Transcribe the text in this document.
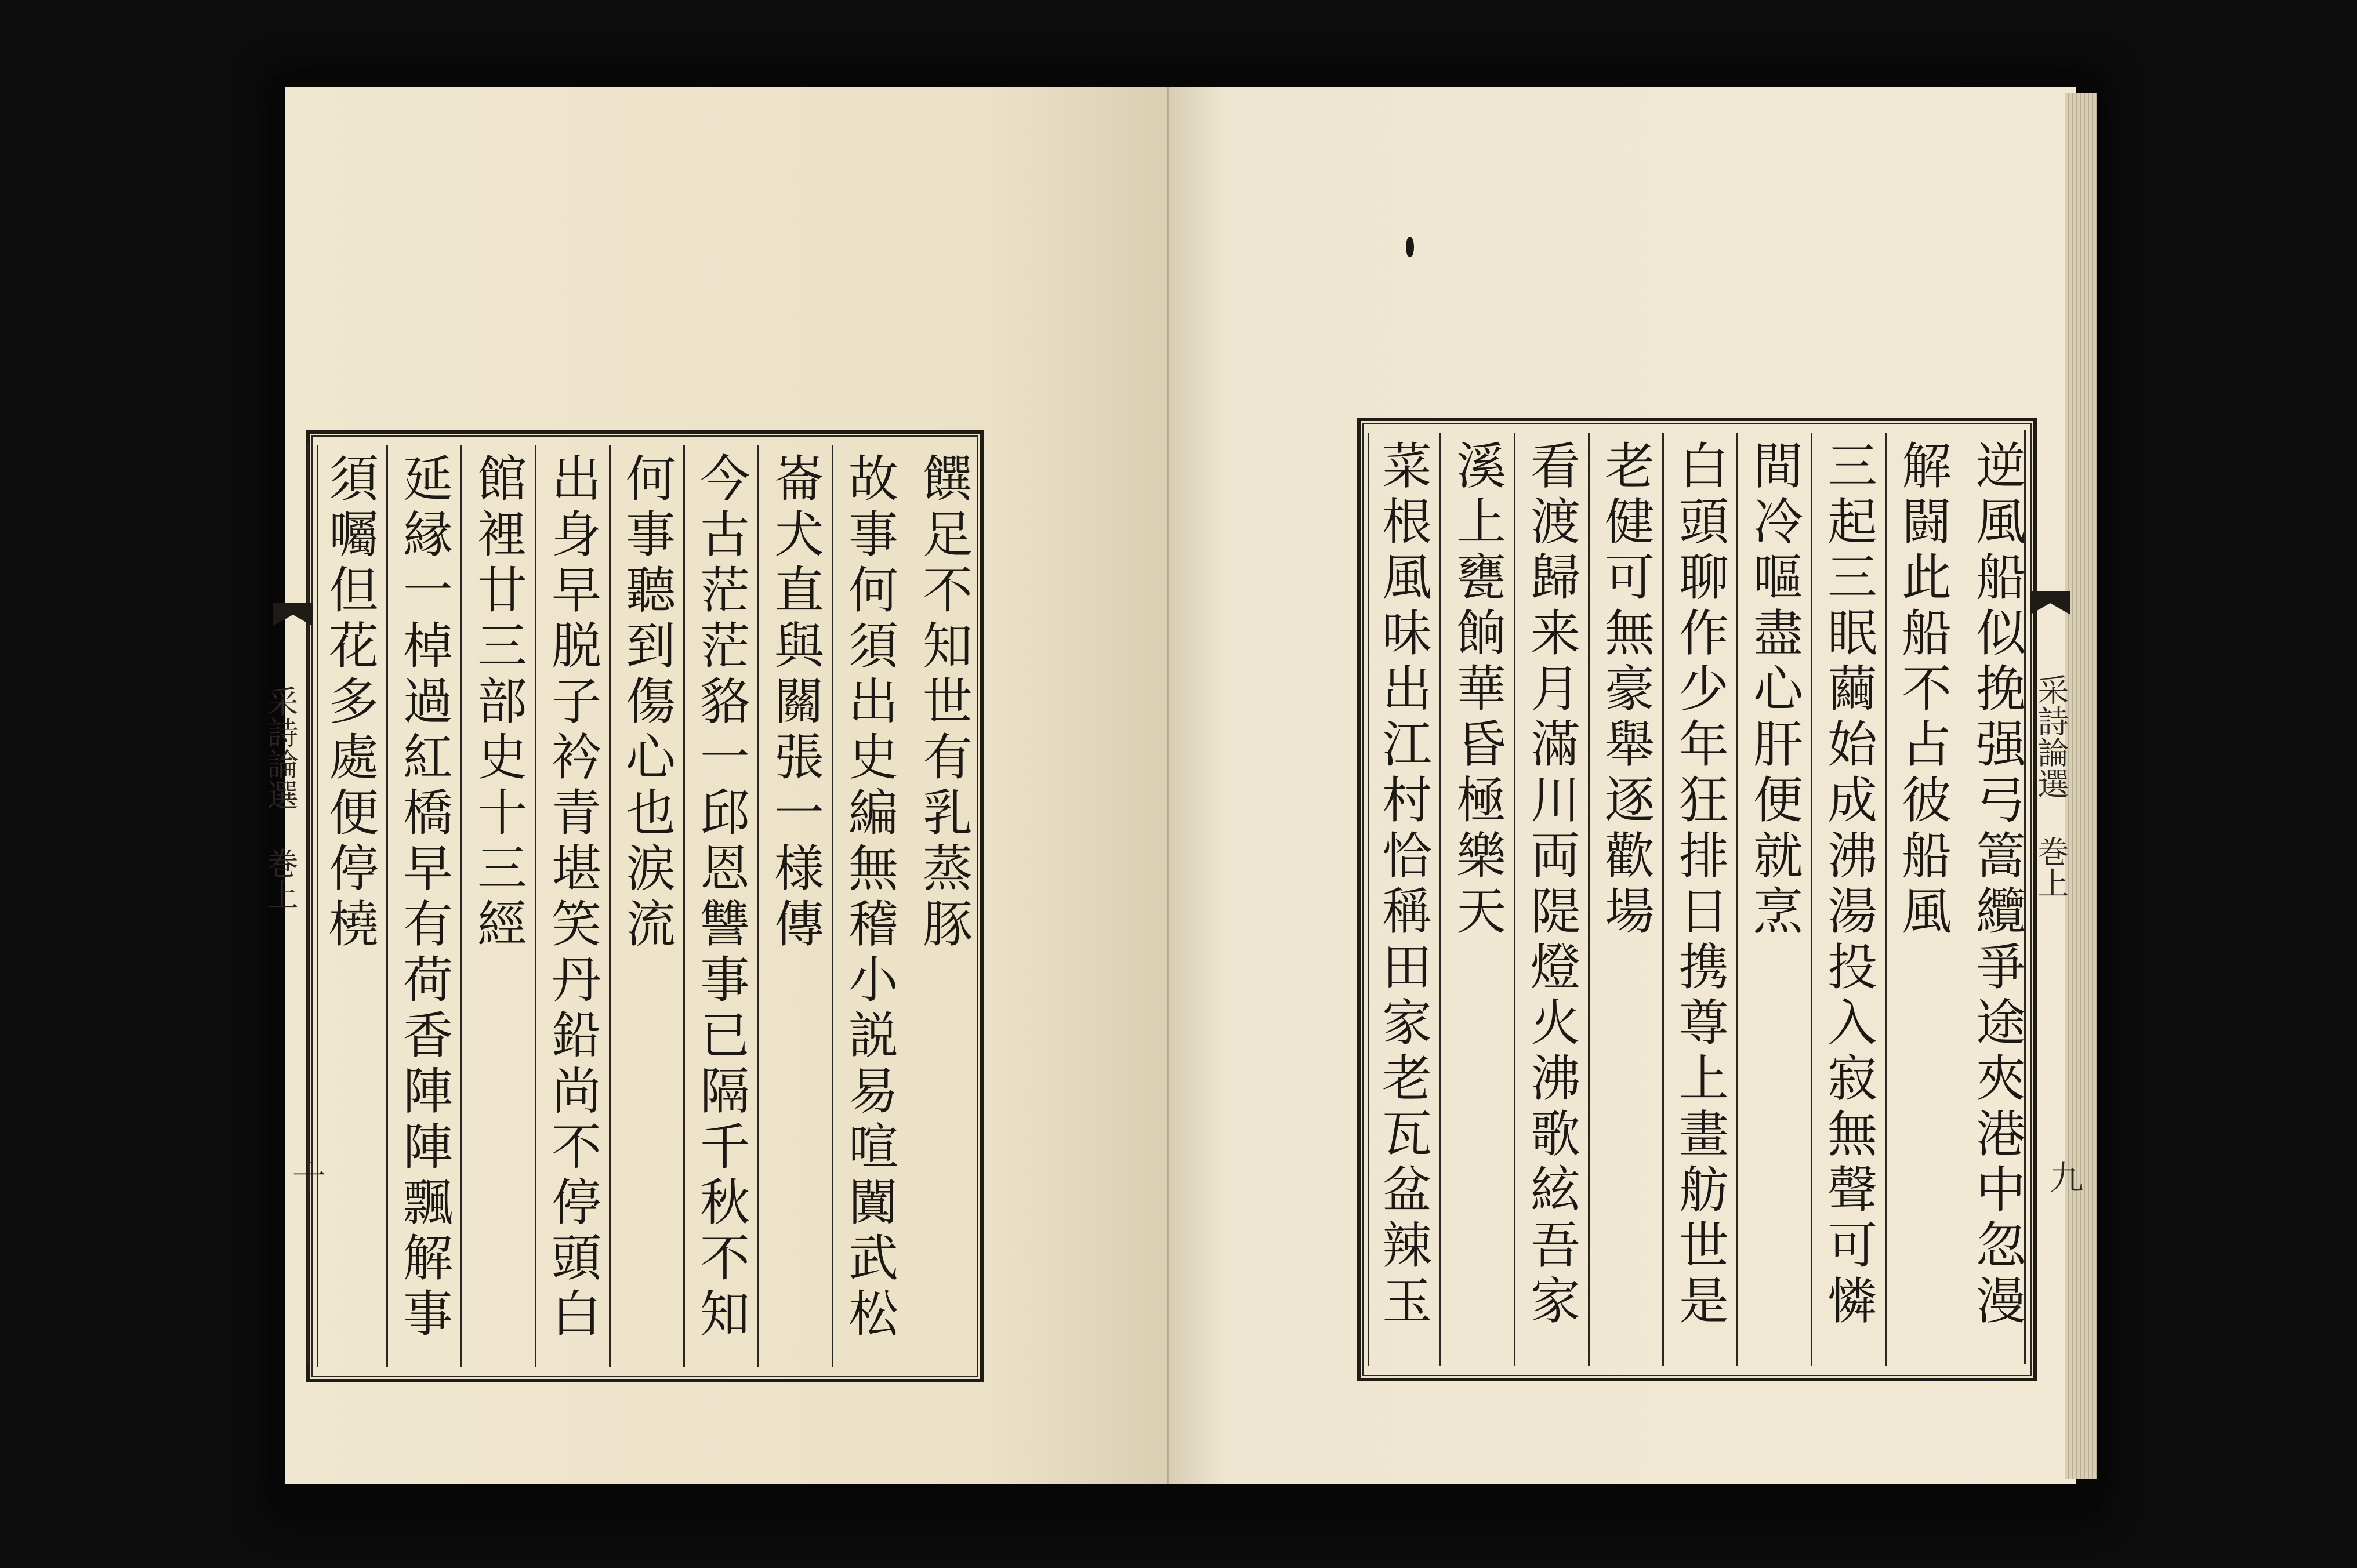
饌足不知世有乳蒸豚
故事何須出史編無稽小説易喧闐武松
崙犬直與關張一様傳
今古茫茫貉一邱恩讐事已隔千秋不知
何事聽到傷心也涙流
出身早脱子衿青堪笑丹鉛尚不停頭白
館裡廿三部史十三經
延縁一棹過紅橋早有荷香陣陣飄解事
須囑但花多處便停橈
采詩論選 巻上
十
逆風船似挽强弓篙纜爭途夾港中忽漫
解闘此船不占彼船風
三起三眠繭始成沸湯投入寂無聲可憐
間冷嘔盡心肝便就烹
白頭聊作少年狂排日携尊上畫舫世是
老健可無豪舉逐歡場
看渡歸来月滿川両隄燈火沸歌絃吾家
溪上甕餉華昏極樂天
菜根風味出江村恰稱田家老瓦盆辣玉
采詩論選 巻上
九
